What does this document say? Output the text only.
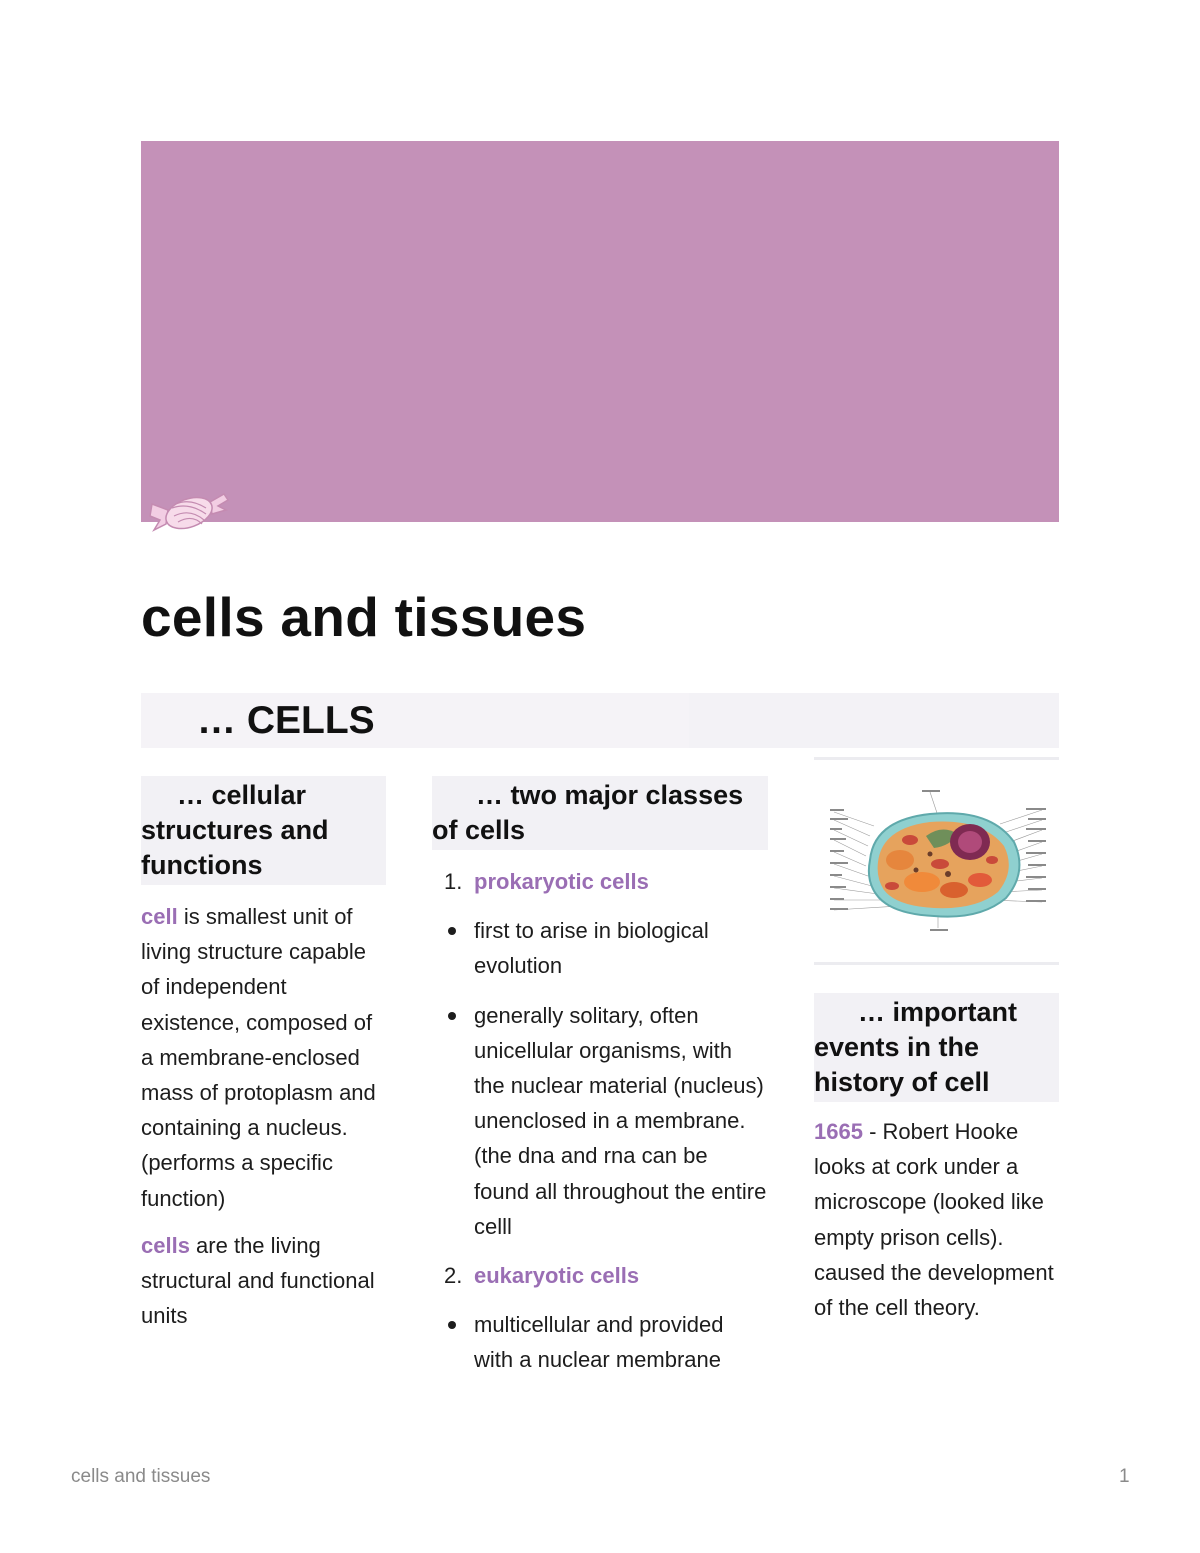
cells and tissues
… CELLS
… cellular structures and functions

cell is smallest unit of living structure capable of independent existence, composed of a membrane-enclosed mass of protoplasm and containing a nucleus. (performs a specific function)

cells are the living structural and functional units

… two major classes of cells
1. prokaryotic cells
first to arise in biological evolution
generally solitary, often unicellular organisms, with the nuclear material (nucleus) unenclosed in a membrane. (the dna and rna can be found all throughout the entire celll
2. eukaryotic cells
multicellular and provided with a nuclear membrane
… important events in the history of cell

1665 - Robert Hooke looks at cork under a microscope (looked like empty prison cells). caused the development of the cell theory.

cells and tissues	1
